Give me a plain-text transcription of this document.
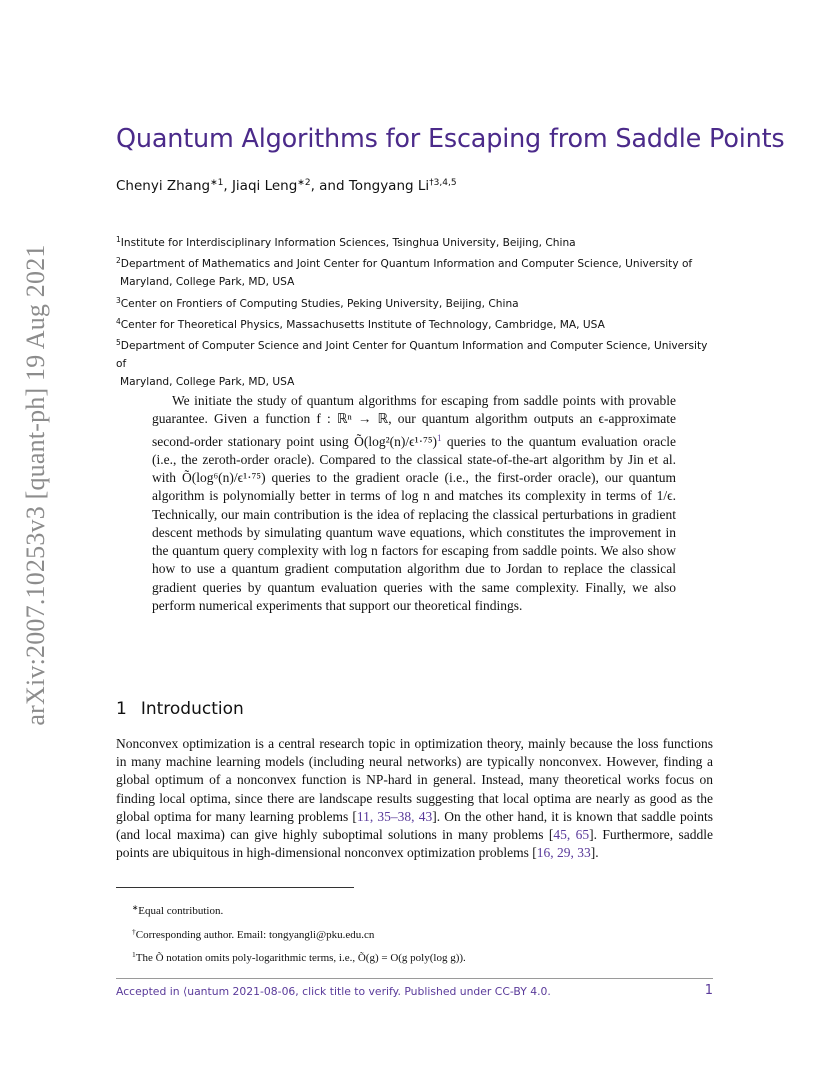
arXiv:2007.10253v3 [quant-ph] 19 Aug 2021
Quantum Algorithms for Escaping from Saddle Points
Chenyi Zhang$^{∗1}$, Jiaqi Leng$^{∗2}$, and Tongyang Li$^{\dagger 3,4,5}$
$^1$Institute for Interdisciplinary Information Sciences, Tsinghua University, Beijing, China
$^2$Department of Mathematics and Joint Center for Quantum Information and Computer Science, University of
Maryland, College Park, MD, USA
$^3$Center on Frontiers of Computing Studies, Peking University, Beijing, China
$^4$Center for Theoretical Physics, Massachusetts Institute of Technology, Cambridge, MA, USA
$^5$Department of Computer Science and Joint Center for Quantum Information and Computer Science, University of
Maryland, College Park, MD, USA

We initiate the study of quantum algorithms for escaping from saddle points with provable guarantee. Given a function f : ℝⁿ → ℝ, our quantum algorithm outputs an ϵ-approximate second-order stationary point using Õ(log²(n)/ϵ¹·⁷⁵)$^1$ queries to the quantum evaluation oracle (i.e., the zeroth-order oracle). Compared to the classical state-of-the-art algorithm by Jin et al. with Õ(log⁶(n)/ϵ¹·⁷⁵) queries to the gradient oracle (i.e., the first-order oracle), our quantum algorithm is polynomially better in terms of log n and matches its complexity in terms of 1/ϵ. Technically, our main contribution is the idea of replacing the classical perturbations in gradient descent methods by simulating quantum wave equations, which constitutes the improvement in the quantum query complexity with log n factors for escaping from saddle points. We also show how to use a quantum gradient computation algorithm due to Jordan to replace the classical gradient queries by quantum evaluation queries with the same complexity. Finally, we also perform numerical experiments that support our theoretical findings.

1 Introduction

Nonconvex optimization is a central research topic in optimization theory, mainly because the loss functions in many machine learning models (including neural networks) are typically nonconvex. However, finding a global optimum of a nonconvex function is NP-hard in general. Instead, many theoretical works focus on finding local optima, since there are landscape results suggesting that local optima are nearly as good as the global optima for many learning problems [11, 35–38, 43]. On the other hand, it is known that saddle points (and local maxima) can give highly suboptimal solutions in many problems [45, 65]. Furthermore, saddle points are ubiquitous in high-dimensional nonconvex optimization problems [16, 29, 33].

∗Equal contribution.
†Corresponding author. Email: tongyangli@pku.edu.cn
$^1$The Õ notation omits poly-logarithmic terms, i.e., Õ(g) = O(g poly(log g)).
Accepted in ⟨uantum 2021-08-06, click title to verify. Published under CC-BY 4.0.	1
